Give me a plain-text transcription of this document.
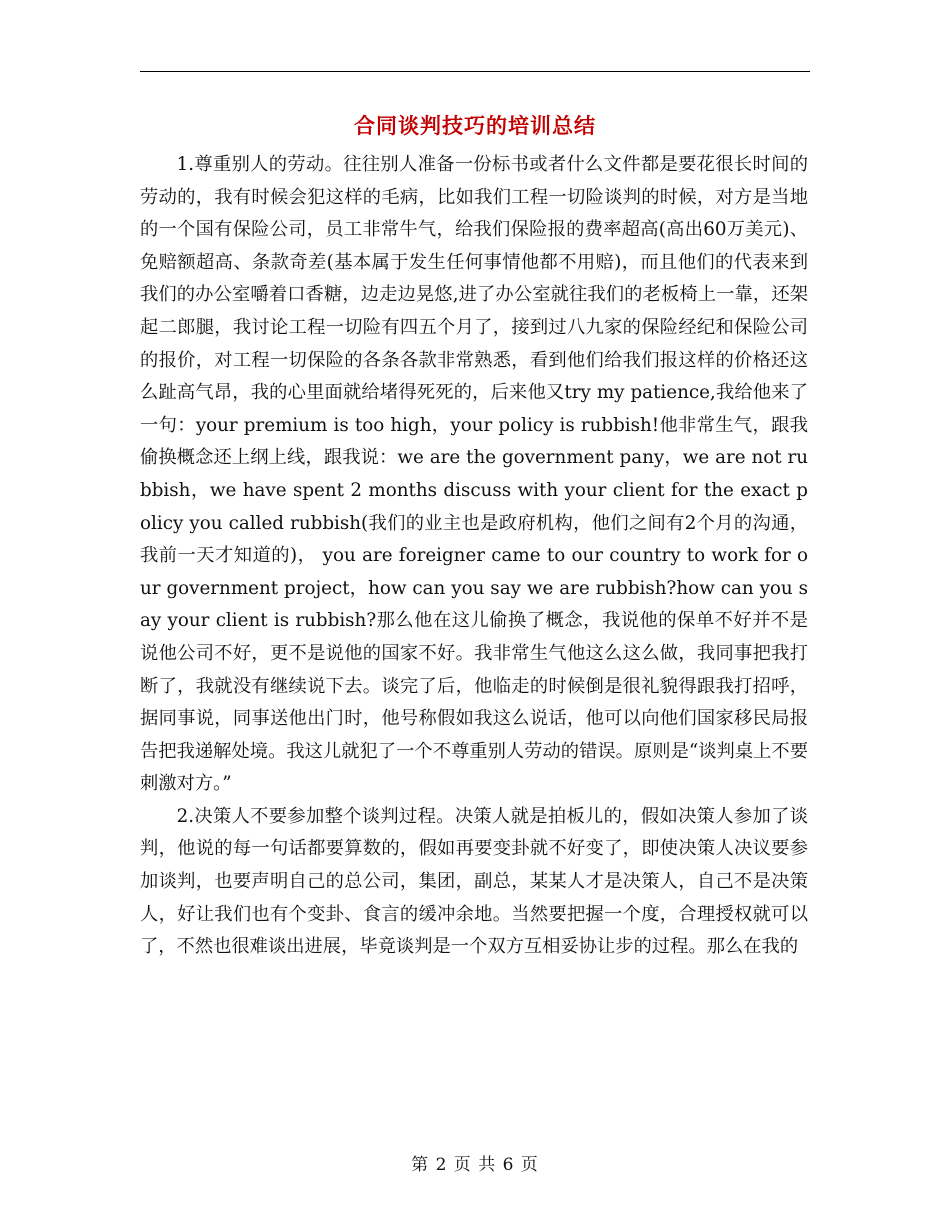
合同谈判技巧的培训总结

1.尊重别人的劳动。往往别人准备一份标书或者什么文件都是要花很长时间的劳动的，我有时候会犯这样的毛病，比如我们工程一切险谈判的时候，对方是当地的一个国有保险公司，员工非常牛气，给我们保险报的费率超高(高出60万美元)、免赔额超高、条款奇差(基本属于发生任何事情他都不用赔)，而且他们的代表来到我们的办公室嚼着口香糖，边走边晃悠,进了办公室就往我们的老板椅上一靠，还架起二郎腿，我讨论工程一切险有四五个月了，接到过八九家的保险经纪和保险公司的报价，对工程一切保险的各条各款非常熟悉，看到他们给我们报这样的价格还这么趾高气昂，我的心里面就给堵得死死的，后来他又try my patience,我给他来了一句：your premium is too high，your policy is rubbish!他非常生气，跟我偷换概念还上纲上线，跟我说：we are the government pany，we are not rubbish，we have spent 2 months discuss with your client for the exact policy you called rubbish(我们的业主也是政府机构，他们之间有2个月的沟通，我前一天才知道的)， you are foreigner came to our country to work for our government project，how can you say we are rubbish?how can you say your client is rubbish?那么他在这儿偷换了概念，我说他的保单不好并不是说他公司不好，更不是说他的国家不好。我非常生气他这么这么做，我同事把我打断了，我就没有继续说下去。谈完了后，他临走的时候倒是很礼貌得跟我打招呼，据同事说，同事送他出门时，他号称假如我这么说话，他可以向他们国家移民局报告把我递解处境。我这儿就犯了一个不尊重别人劳动的错误。原则是“谈判桌上不要刺激对方。”

2.决策人不要参加整个谈判过程。决策人就是拍板儿的，假如决策人参加了谈判，他说的每一句话都要算数的，假如再要变卦就不好变了，即使决策人决议要参加谈判，也要声明自己的总公司，集团，副总，某某人才是决策人，自己不是决策人，好让我们也有个变卦、食言的缓冲余地。当然要把握一个度，合理授权就可以了，不然也很难谈出进展，毕竟谈判是一个双方互相妥协让步的过程。那么在我的

第 2 页 共 6 页
